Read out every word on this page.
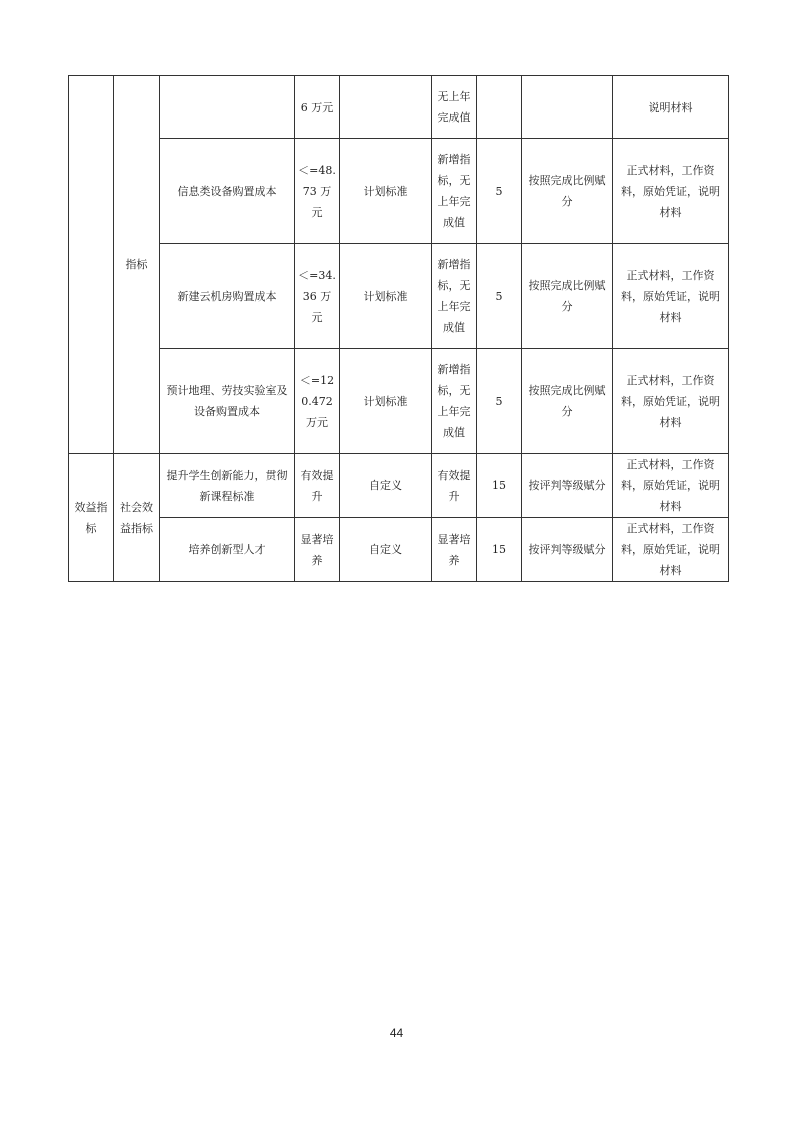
	指标		6 万元		无上年完成值			说明材料
		信息类设备购置成本	＜=48.73 万元	计划标准	新增指标，无上年完成值	5	按照完成比例赋分	正式材料，工作资料，原始凭证，说明材料
		新建云机房购置成本	＜=34.36 万元	计划标准	新增指标，无上年完成值	5	按照完成比例赋分	正式材料，工作资料，原始凭证，说明材料
		预计地理、劳技实验室及设备购置成本	＜=120.472 万元	计划标准	新增指标，无上年完成值	5	按照完成比例赋分	正式材料，工作资料，原始凭证，说明材料
效益指标	社会效益指标	提升学生创新能力，贯彻新课程标准	有效提升	自定义	有效提升	15	按评判等级赋分	正式材料，工作资料，原始凭证，说明材料
		培养创新型人才	显著培养	自定义	显著培养	15	按评判等级赋分	正式材料，工作资料，原始凭证，说明材料
44
